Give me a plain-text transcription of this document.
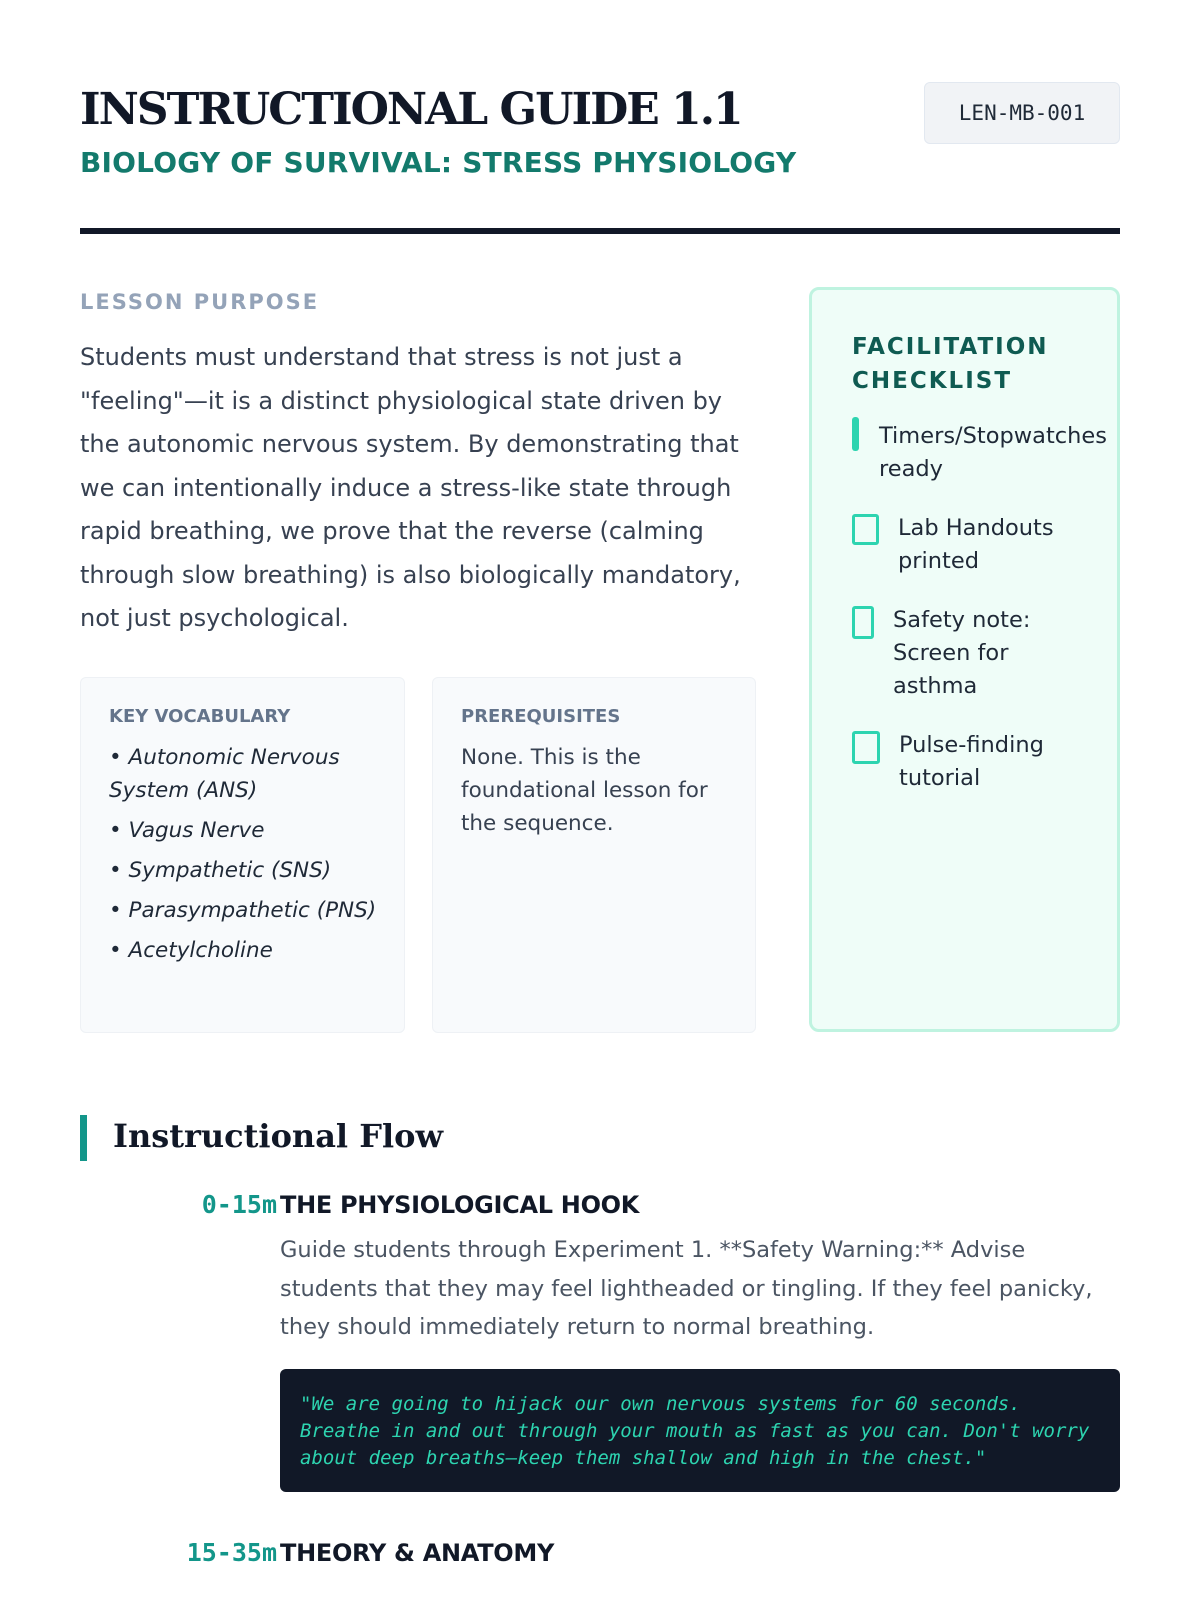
INSTRUCTIONAL GUIDE 1.1
BIOLOGY OF SURVIVAL: STRESS PHYSIOLOGY
LEN-MB-001
LESSON PURPOSE

Students must understand that stress is not just a "feeling"—it is a distinct physiological state driven by the autonomic nervous system. By demonstrating that we can intentionally induce a stress-like state through rapid breathing, we prove that the reverse (calming through slow breathing) is also biologically mandatory, not just psychological.

KEY VOCABULARY
• Autonomic Nervous System (ANS)
• Vagus Nerve
• Sympathetic (SNS)
• Parasympathetic (PNS)
• Acetylcholine
PREREQUISITES

None. This is the foundational lesson for the sequence.

FACILITATION CHECKLIST
Timers/Stopwatches ready
Lab Handouts printed
Safety note: Screen for asthma
Pulse-finding tutorial
Instructional Flow
0-15m THE PHYSIOLOGICAL HOOK

Guide students through Experiment 1. **Safety Warning:** Advise students that they may feel lightheaded or tingling. If they feel panicky, they should immediately return to normal breathing.

"We are going to hijack our own nervous systems for 60 seconds. Breathe in and out through your mouth as fast as you can. Don't worry about deep breaths—keep them shallow and high in the chest."
15-35m THEORY & ANATOMY
